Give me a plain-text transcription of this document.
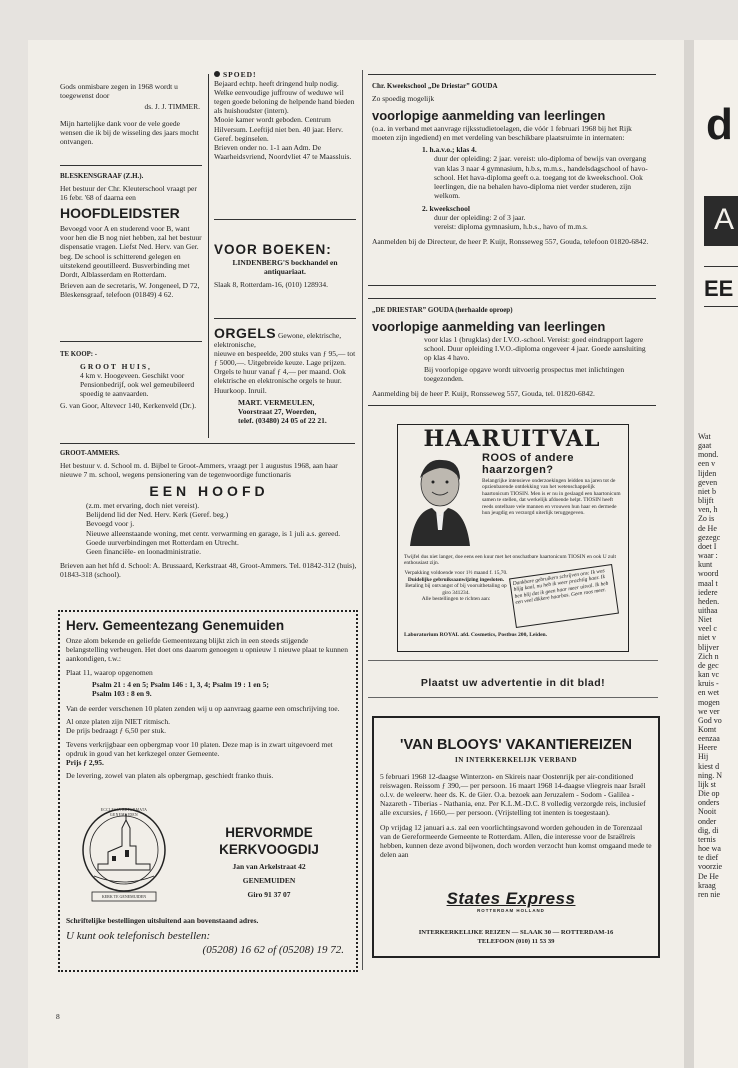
Gods onmisbare zegen in 1968 wordt u toegewenst door

ds. J. J. TIMMER.

Mijn hartelijke dank voor de vele goede wensen die ik bij de wisseling des jaars mocht ontvangen.

BLESKENSGRAAF (Z.H.).

Het bestuur der Chr. Kleuterschool vraagt per 16 febr. '68 of daarna een

HOOFDLEIDSTER

Bevoegd voor A en studerend voor B, want voor hen die B nog niet hebben, zal het bestuur dispensatie vragen. Liefst Ned. Herv. van Ger. beg. De school is schitterend gelegen en uitstekend geoutilleerd. Busverbinding met Dordt, Alblasserdam en Rotterdam.

Brieven aan de secretaris, W. Jongeneel, D 72, Bleskensgraaf, telefoon (01849) 4 62.

TE KOOP: -

GROOT HUIS,

4 km v. Hoogeveen. Geschikt voor Pensionbedrijf, ook wel gemeubileerd spoedig te aanvaarden.

G. van Goor, Altevecr 140, Kerkenveld (Dr.).

SPOED!

Bejaard echtp. heeft dringend hulp nodig. Welke eenvoudige juffrouw of weduwe wil tegen goede beloning de helpende hand bieden als huishoudster (intern).

Mooie kamer wordt geboden. Centrum Hilversum. Leeftijd niet ben. 40 jaar. Herv. Geref. beginselen.

Brieven onder no. 1-1 aan Adm. De Waarheidsvriend, Noordvliet 47 te Maassluis.

VOOR BOEKEN:

LINDENBERG'S bockhandel en antiquariaat.

Slaak 8, Rotterdam-16, (010) 128934.

ORGELS Gewone, elektrische, elektronische,

nieuwe en bespeelde, 200 stuks van ƒ 95,— tot ƒ 5000,—. Uitgebreide keuze. Lage prijzen. Orgels te huur vanaf ƒ 4,— per maand. Ook elektrische en elektronische orgels te huur. Huurkoop. Inruil.

MART. VERMEULEN,

Voorstraat 27, Woerden,

telef. (03480) 24 05 of 22 21.

GROOT-AMMERS.

Het bestuur v. d. School m. d. Bijbel te Groot-Ammers, vraagt per 1 augustus 1968, aan haar nieuwe 7 m. school, wegens pensionering van de tegenwoordige functionaris

EEN HOOFD

(z.m. met ervaring, doch niet vereist).

Belijdend lid der Ned. Herv. Kerk (Geref. beg.)

Bevoegd voor j.

Nieuwe alleenstaande woning, met centr. verwarming en garage, is 1 juli a.s. gereed.

Goede uurverbindingen met Rotterdam en Utrecht.

Geen financiële- en loonadministratie.

Brieven aan het hfd d. School: A. Brussaard, Kerkstraat 48, Groot-Ammers. Tel. 01842-312 (huis), 01843-318 (school).

Herv. Gemeentezang Genemuiden

Onze alom bekende en geliefde Gemeentezang blijkt zich in een steeds stijgende belangstelling verheugen. Het doet ons daarom genoegen u opnieuw 1 nieuwe plaat te kunnen aankondigen, t.w.:

Plaat 11, waarop opgenomen

Psalm 21 : 4 en 5; Psalm 146 : 1, 3, 4; Psalm 19 : 1 en 5;

Psalm 103 : 8 en 9.

Van de eerder verschenen 10 platen zenden wij u op aanvraag gaarne een omschrijving toe.

Al onze platen zijn NIET ritmisch.

De prijs bedraagt ƒ 6,50 per stuk.

Tevens verkrijgbaar een opbergmap voor 10 platen. Deze map is in zwart uitgevoerd met opdruk in goud van het kerkzegel onzer Gemeente.

Prijs ƒ 2,95.

De levering, zowel van platen als opbergmap, geschiedt franko thuis.

KERK TE GENEMUIDEN
ECCLESIA REFORMATA GENEMUIDEN

HERVORMDE

KERKVOOGDIJ

Jan van Arkelstraat 42

GENEMUIDEN

Giro 91 37 07

Schriftelijke bestellingen uitsluitend aan bovenstaand adres.

U kunt ook telefonisch bestellen:

(05208) 16 62 of (05208) 19 72.

8

Chr. Kweekschool „De Driestar” GOUDA

Zo spoedig mogelijk

voorlopige aanmelding van leerlingen

(o.a. in verband met aanvrage rijksstudietoelagen, die vóór 1 februari 1968 bij het Rijk moeten zijn ingediend) en met verdeling van beschikbare plaatsruimte in internaten:

1. h.a.v.o.; klas 4.

duur der opleiding: 2 jaar. vereist: ulo-diploma of bewijs van overgang van klas 3 naar 4 gymnasium, h.b.s, m.m.s., handelsdagschool of havo-school. Het hava-diploma geeft o.a. toegang tot de kweekschool. Ook leerlingen, die na behalen havo-diploma niet verder studeren, zijn welkom.

2. kweekschool

duur der opleiding: 2 of 3 jaar.

vereist: diploma gymnasium, h.b.s., havo of m.m.s.

Aanmelden bij de Directeur, de heer P. Kuijt, Ronsseweg 557, Gouda, telefoon 01820-6842.

„DE DRIESTAR” GOUDA (herhaalde oproep)

voorlopige aanmelding van leerlingen

voor klas 1 (brugklas) der I.V.O.-school. Vereist: goed eindrapport lagere school. Duur opleiding I.V.O.-diploma ongeveer 4 jaar. Goede aansluiting op klas 4 havo.

Bij voorlopige opgave wordt uitvoerig prospectus met inlichtingen toegezonden.

Aanmelding bij de heer P. Kuijt, Ronsseweg 557, Gouda, tel. 01820-6842.

HAARUITVAL

ROOS of andere

haarzorgen?

Belangrijke intensieve onderzoekingen leidden na jaren tot de opzienbarende ontdekking van het wetenschappelijk haartonicum TIOSIN. Men is er nu in geslaagd een haartonicum samen te stellen, dat werkelijk afdoende helpt. TIOSIN heeft reeds ontelbare vele mannen en vrouwen hun haar en dermede hun jeugdig en verzorgd uiterlijk teruggegeven.

Twijfel dus niet langer, doe eens een kuur met het onschatbare haartonicum TIOSIN en ook U zult enthousiast zijn.

Verpakking voldoende voor 1½ maand f. 15,70.

Duidelijke gebruiksaanwijzing ingesloten.

Betaling bij ontvangst of bij vooruitbetaling op giro 341234.

Alle bestellingen te richten aan:

Dankbare gebruikers schrijven ons: Ik was blijg kaal, nu heb ik weer prachtig haar. Ik ben blij dat ik geen haar meer uitval. Ik heb een veel dikkere haarbos. Geen roos meer.
Laboratorium ROYAL afd. Cosmetics, Postbus 200, Leiden.
Plaatst uw advertentie in dit blad!

'VAN BLOOYS' VAKANTIEREIZEN

IN INTERKERKELIJK VERBAND

5 februari 1968 12-daagse Winterzon- en Skireis naar Oostenrijk per air-conditioned reiswagen. Reissom ƒ 390,— per persoon. 16 maart 1968 14-daagse vliegreis naar Israël o.l.v. de weleerw. heer ds. K. de Gier. O.a. bezoek aan Jeruzalem - Sodom - Galilea - Nazareth - Tiberias - Nathania, enz. Per K.L.M.-D.C. 8 volledig verzorgde reis, inclusief alle excursies, ƒ 1660,— per persoon. (Vrijstelling tot inenten is toegestaan).

Op vrijdag 12 januari a.s. zal een voorlichtingsavond worden gehouden in de Torenzaal van de Gereformeerde Gemeente te Rotterdam. Allen, die interesse voor de Israëlreis hebben, kunnen deze avond bijwonen, doch worden verzocht hun komst omgaand mede te delen aan

States Express

ROTTERDAM HOLLAND

INTERKERKELIJKE REIZEN — SLAAK 30 — ROTTERDAM-16

TELEFOON (010) 11 53 39

d
A
EE
Wat
gaat
mond.
een v
lijden
geven
niet b
blijft
ven, h
Zo is
de He
gezegc
doet I
waar :
kunt
woord
maal t
iedere
heden.
uithaa
Niet
veel c
niet v
blijver
Zich n
de gec
kan vc
kruis -
en wet
mogen
we ver
God vo
Komt
eenzaa
Heere
Hij
kiest d
ning. N
lijk st
Die op
onders
Nooit
onder
dig, di
ternis
hoe wa
te dief
voorzie
De He
kraag
ren nie
